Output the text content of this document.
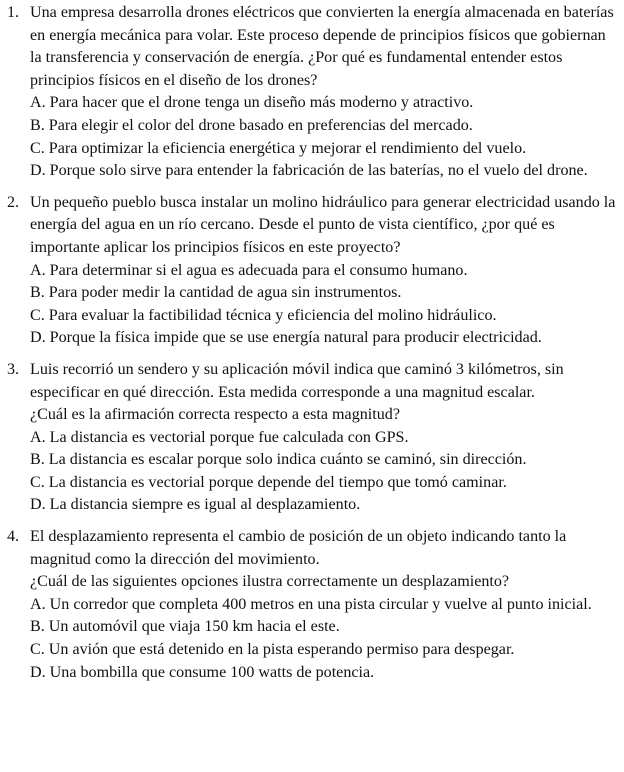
1. Una empresa desarrolla drones eléctricos que convierten la energía almacenada en baterías en energía mecánica para volar. Este proceso depende de principios físicos que gobiernan la transferencia y conservación de energía. ¿Por qué es fundamental entender estos principios físicos en el diseño de los drones?
A. Para hacer que el drone tenga un diseño más moderno y atractivo.
B. Para elegir el color del drone basado en preferencias del mercado.
C. Para optimizar la eficiencia energética y mejorar el rendimiento del vuelo.
D. Porque solo sirve para entender la fabricación de las baterías, no el vuelo del drone.
2. Un pequeño pueblo busca instalar un molino hidráulico para generar electricidad usando la energía del agua en un río cercano. Desde el punto de vista científico, ¿por qué es importante aplicar los principios físicos en este proyecto?
A. Para determinar si el agua es adecuada para el consumo humano.
B. Para poder medir la cantidad de agua sin instrumentos.
C. Para evaluar la factibilidad técnica y eficiencia del molino hidráulico.
D. Porque la física impide que se use energía natural para producir electricidad.
3. Luis recorrió un sendero y su aplicación móvil indica que caminó 3 kilómetros, sin especificar en qué dirección. Esta medida corresponde a una magnitud escalar.
¿Cuál es la afirmación correcta respecto a esta magnitud?
A. La distancia es vectorial porque fue calculada con GPS.
B. La distancia es escalar porque solo indica cuánto se caminó, sin dirección.
C. La distancia es vectorial porque depende del tiempo que tomó caminar.
D. La distancia siempre es igual al desplazamiento.
4. El desplazamiento representa el cambio de posición de un objeto indicando tanto la magnitud como la dirección del movimiento.
¿Cuál de las siguientes opciones ilustra correctamente un desplazamiento?
A. Un corredor que completa 400 metros en una pista circular y vuelve al punto inicial.
B. Un automóvil que viaja 150 km hacia el este.
C. Un avión que está detenido en la pista esperando permiso para despegar.
D. Una bombilla que consume 100 watts de potencia.
